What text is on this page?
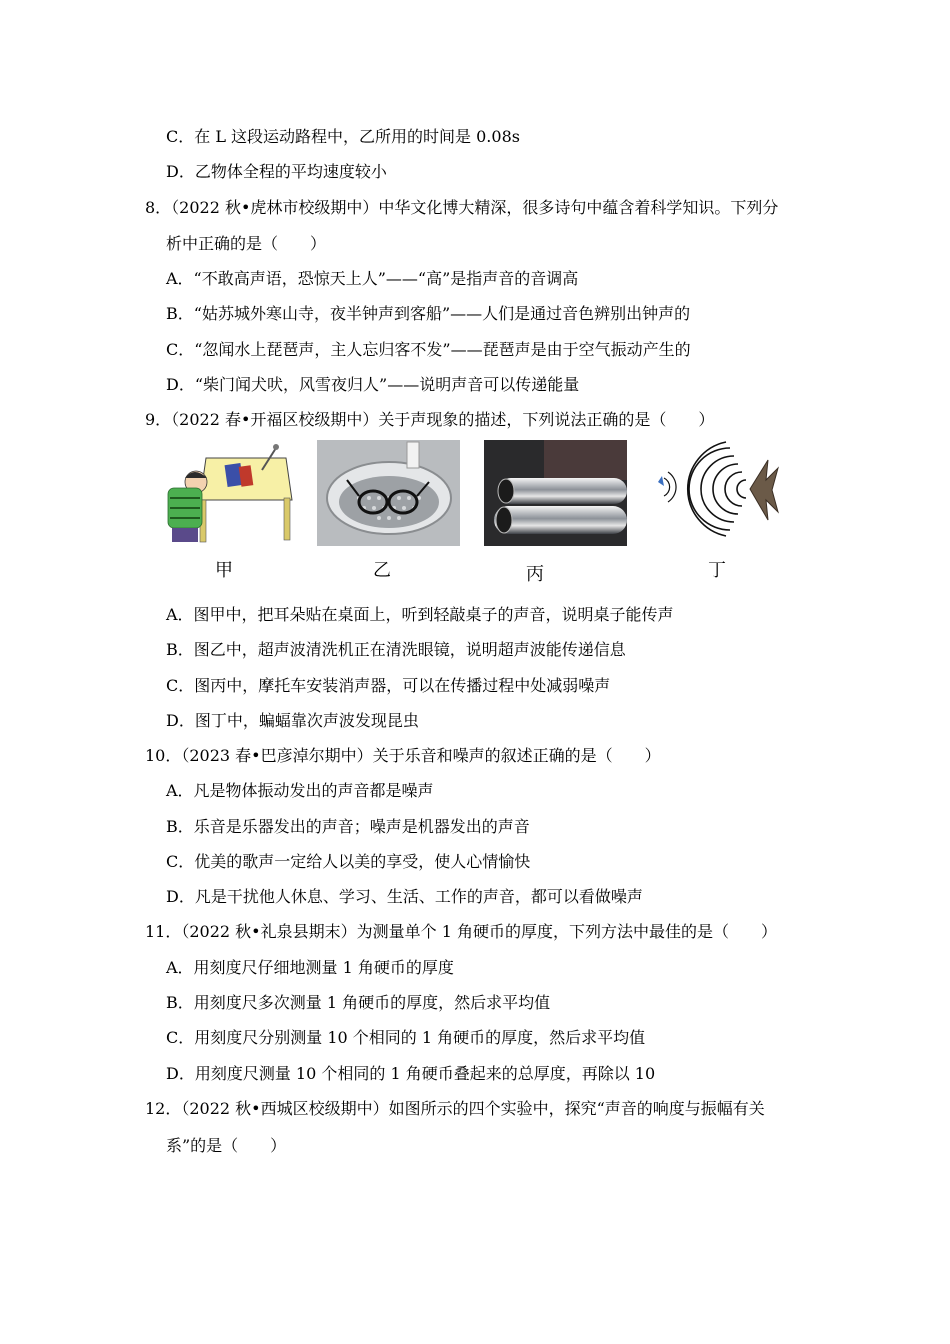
C．在 L 这段运动路程中，乙所用的时间是 0.08s
D．乙物体全程的平均速度较小
8．（2022 秋•虎林市校级期中）中华文化博大精深，很多诗句中蕴含着科学知识。下列分
析中正确的是（　　）
A．“不敢高声语，恐惊天上人”——“高”是指声音的音调高
B．“姑苏城外寒山寺，夜半钟声到客船”——人们是通过音色辨别出钟声的
C．“忽闻水上琵琶声，主人忘归客不发”——琵琶声是由于空气振动产生的
D．“柴门闻犬吠，风雪夜归人”——说明声音可以传递能量
9．（2022 春•开福区校级期中）关于声现象的描述，下列说法正确的是（　　）
甲	乙	丙	丁
A．图甲中，把耳朵贴在桌面上，听到轻敲桌子的声音，说明桌子能传声
B．图乙中，超声波清洗机正在清洗眼镜，说明超声波能传递信息
C．图丙中，摩托车安装消声器，可以在传播过程中处减弱噪声
D．图丁中，蝙蝠靠次声波发现昆虫
10．（2023 春•巴彦淖尔期中）关于乐音和噪声的叙述正确的是（　　）
A．凡是物体振动发出的声音都是噪声
B．乐音是乐器发出的声音；噪声是机器发出的声音
C．优美的歌声一定给人以美的享受，使人心情愉快
D．凡是干扰他人休息、学习、生活、工作的声音，都可以看做噪声
11．（2022 秋•礼泉县期末）为测量单个 1 角硬币的厚度，下列方法中最佳的是（　　）
A．用刻度尺仔细地测量 1 角硬币的厚度
B．用刻度尺多次测量 1 角硬币的厚度，然后求平均值
C．用刻度尺分别测量 10 个相同的 1 角硬币的厚度，然后求平均值
D．用刻度尺测量 10 个相同的 1 角硬币叠起来的总厚度，再除以 10
12．（2022 秋•西城区校级期中）如图所示的四个实验中，探究“声音的响度与振幅有关
系”的是（　　）
